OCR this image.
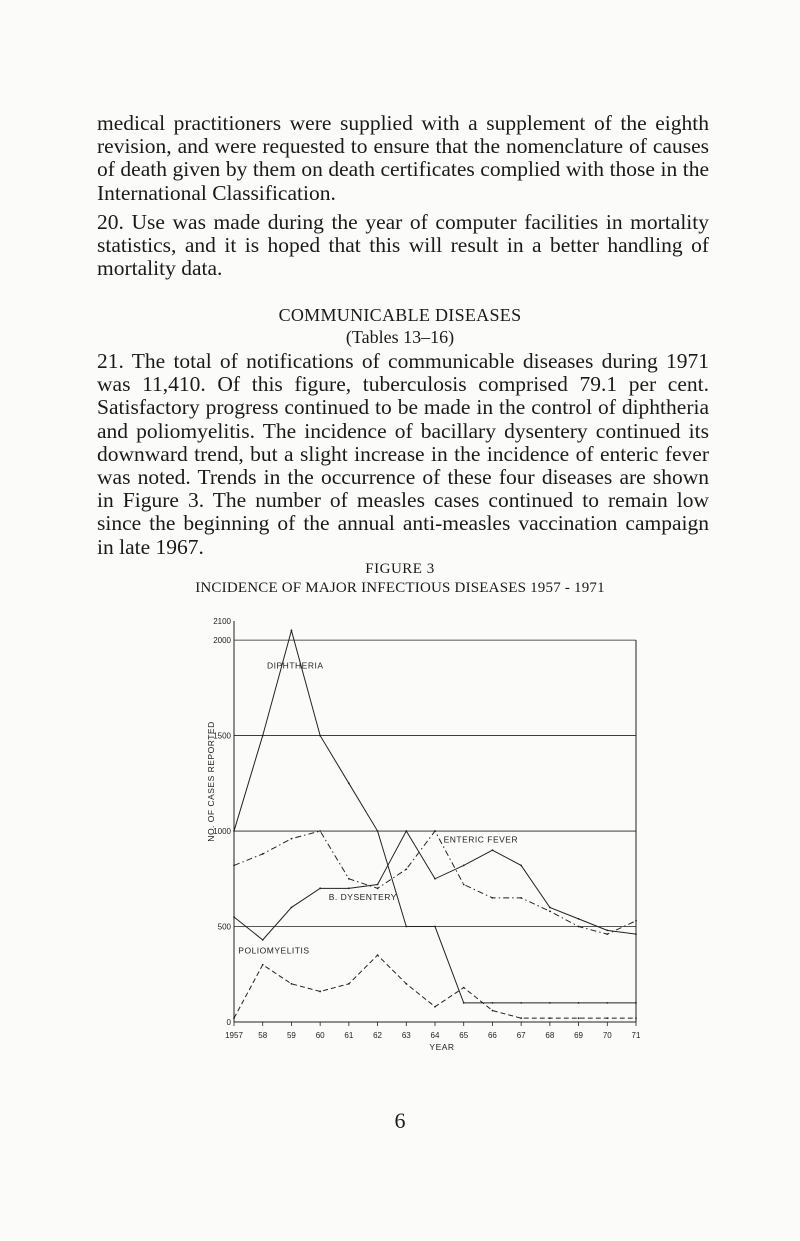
medical practitioners were supplied with a supplement of the eighth revision, and were requested to ensure that the nomenclature of causes of death given by them on death certificates complied with those in the International Classification.

20. Use was made during the year of computer facilities in mortality statistics, and it is hoped that this will result in a better handling of mortality data.

COMMUNICABLE DISEASES

(Tables 13–16)

21. The total of notifications of communicable diseases during 1971 was 11,410. Of this figure, tuberculosis comprised 79.1 per cent. Satisfactory progress continued to be made in the control of diphtheria and poliomyelitis. The incidence of bacillary dysentery continued its downward trend, but a slight increase in the incidence of enteric fever was noted. Trends in the occurrence of these four diseases are shown in Figure 3. The number of measles cases continued to remain low since the beginning of the annual anti-measles vaccination campaign in late 1967.

FIGURE 3

INCIDENCE OF MAJOR INFECTIOUS DISEASES 1957 - 1971

2100
2000
1500
1000
500
0
1957 58 59 60 61 62 63 64 65 66 67 68 69 70 71
YEAR
NO. OF CASES REPORTED
DIPHTHERIA
ENTERIC FEVER
B. DYSENTERY
POLIOMYELITIS

6
